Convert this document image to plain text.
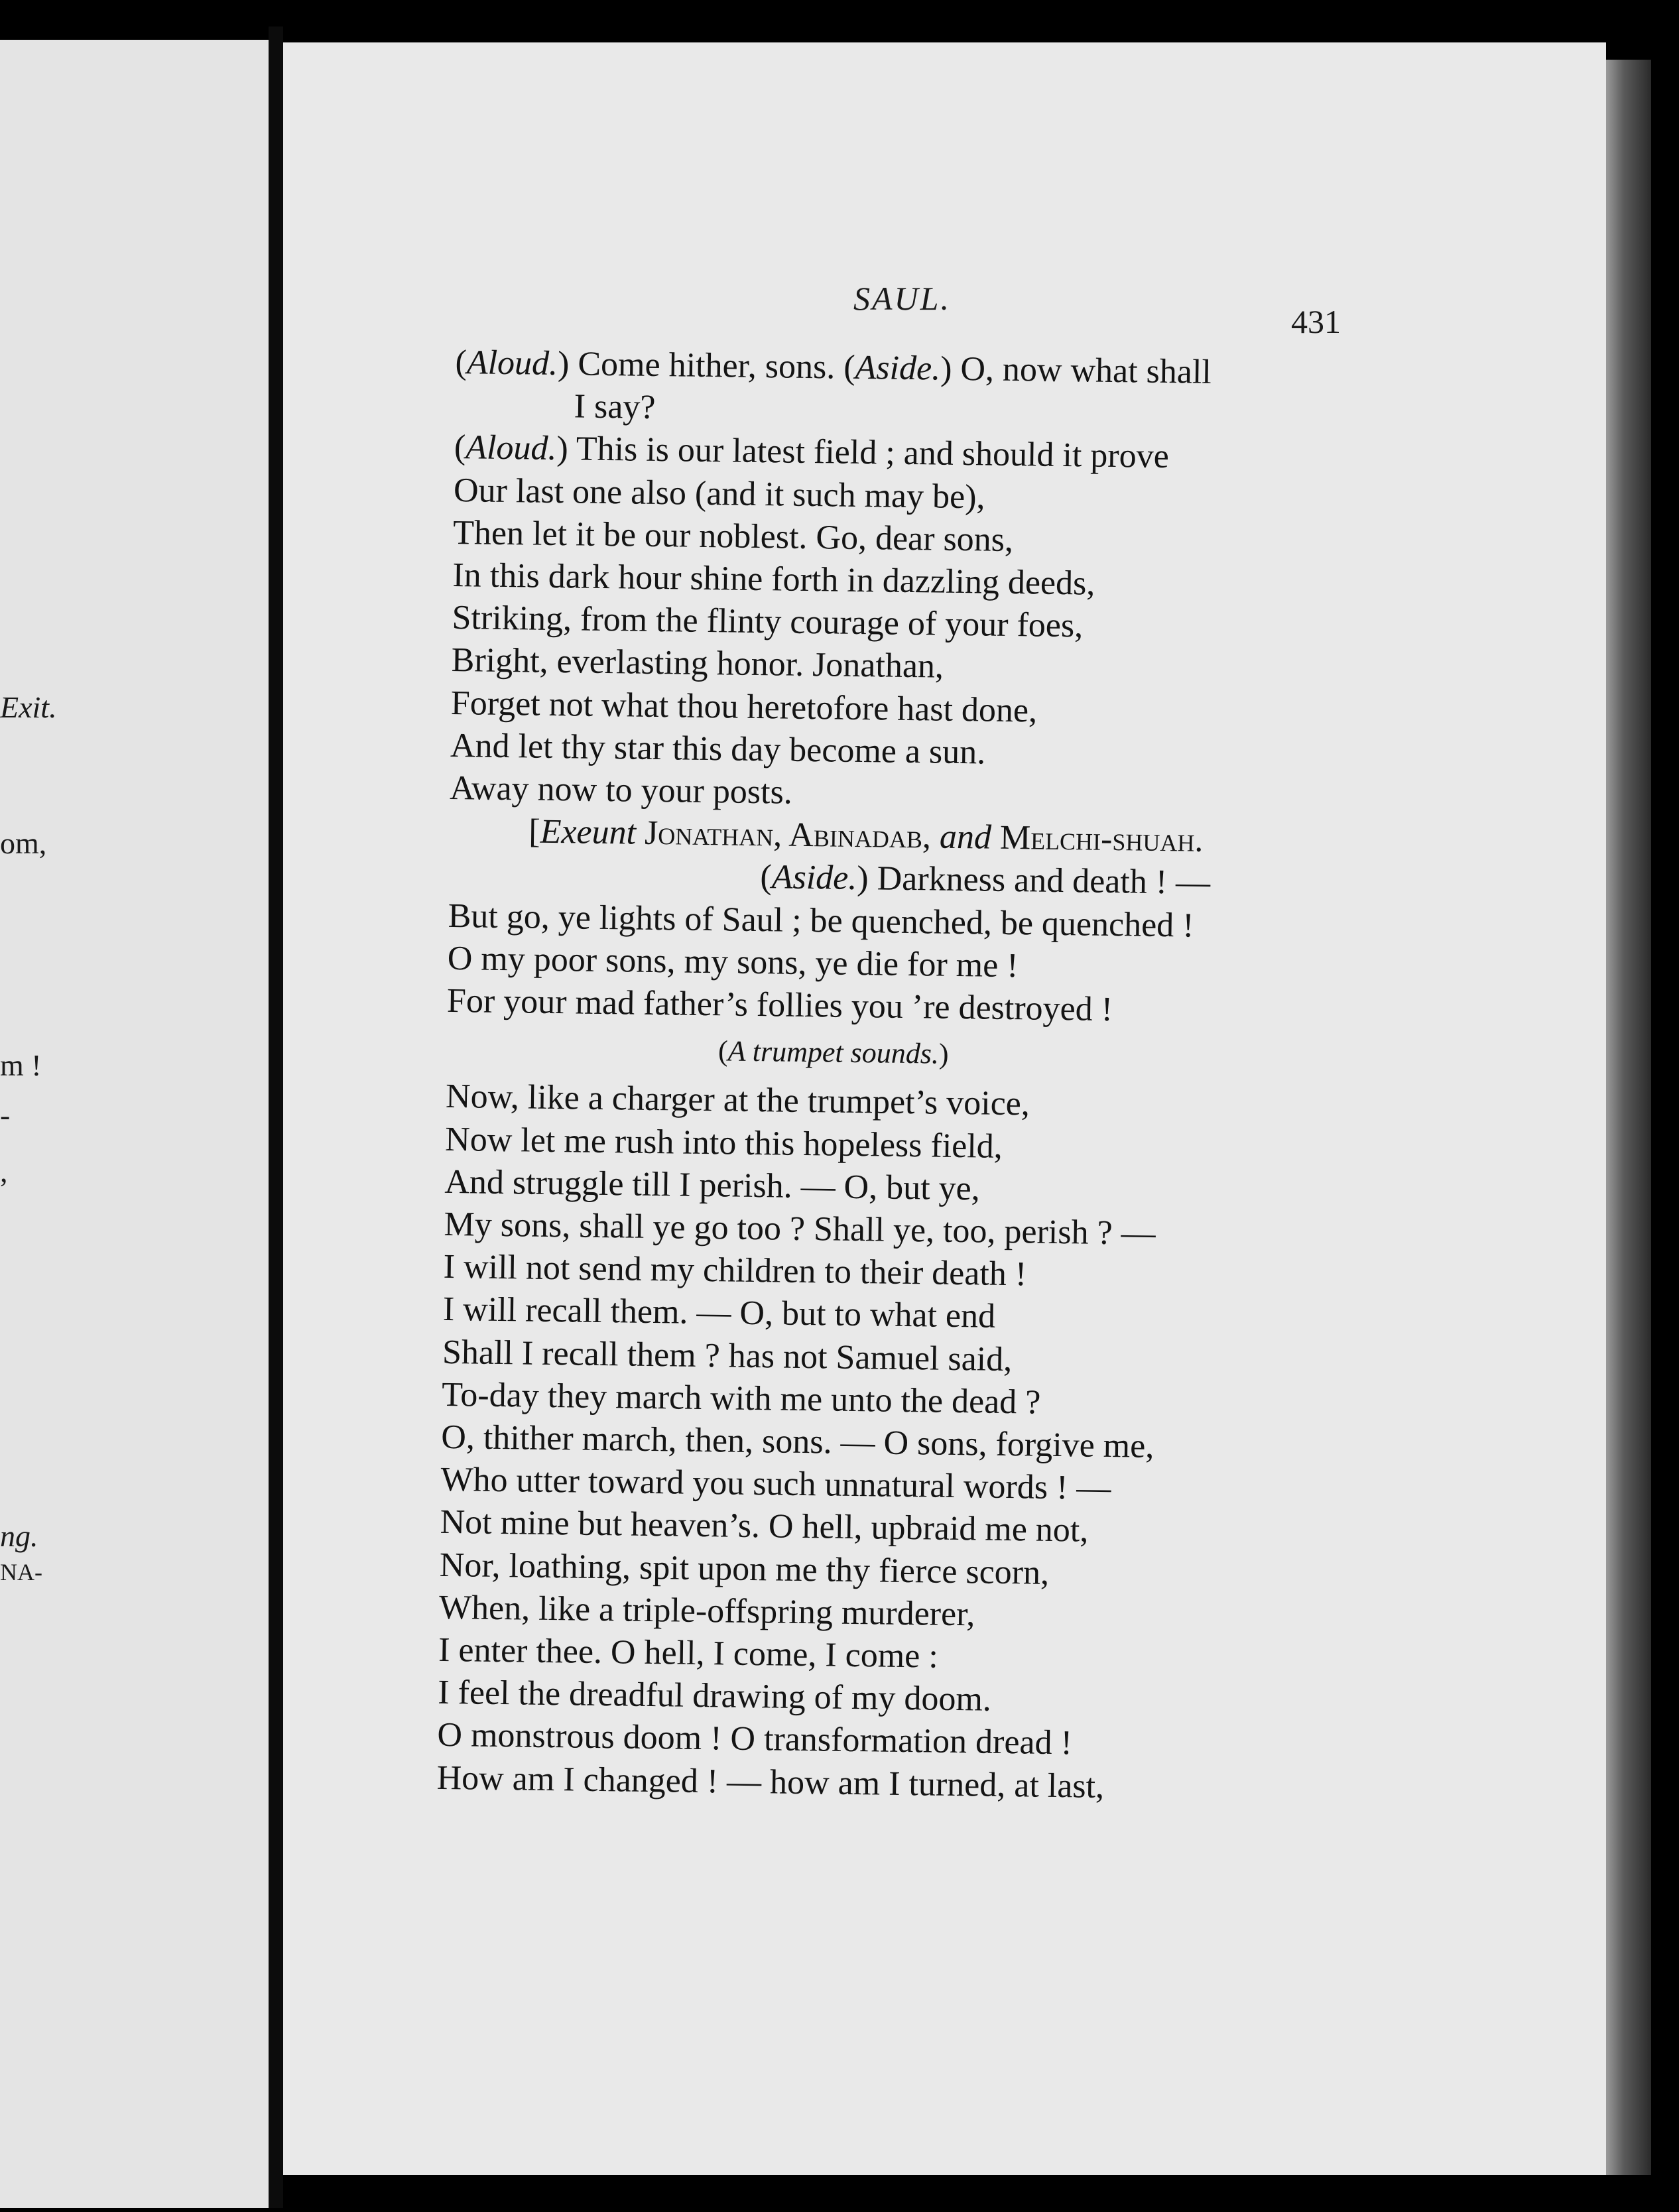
Exit.
om,
m !
-
,
ng.
NA-
SAUL.
431
(Aloud.) Come hither, sons. (Aside.) O, now what shall
I say?
(Aloud.) This is our latest field ; and should it prove
Our last one also (and it such may be),
Then let it be our noblest. Go, dear sons,
In this dark hour shine forth in dazzling deeds,
Striking, from the flinty courage of your foes,
Bright, everlasting honor. Jonathan,
Forget not what thou heretofore hast done,
And let thy star this day become a sun.
Away now to your posts.
[Exeunt Jonathan, Abinadab, and Melchi-shuah.
(Aside.) Darkness and death ! —
But go, ye lights of Saul ; be quenched, be quenched !
O my poor sons, my sons, ye die for me !
For your mad father’s follies you ’re destroyed !
(A trumpet sounds.)
Now, like a charger at the trumpet’s voice,
Now let me rush into this hopeless field,
And struggle till I perish. — O, but ye,
My sons, shall ye go too ? Shall ye, too, perish ? —
I will not send my children to their death !
I will recall them. — O, but to what end
Shall I recall them ? has not Samuel said,
To-day they march with me unto the dead ?
O, thither march, then, sons. — O sons, forgive me,
Who utter toward you such unnatural words ! —
Not mine but heaven’s. O hell, upbraid me not,
Nor, loathing, spit upon me thy fierce scorn,
When, like a triple-offspring murderer,
I enter thee. O hell, I come, I come :
I feel the dreadful drawing of my doom.
O monstrous doom ! O transformation dread !
How am I changed ! — how am I turned, at last,
